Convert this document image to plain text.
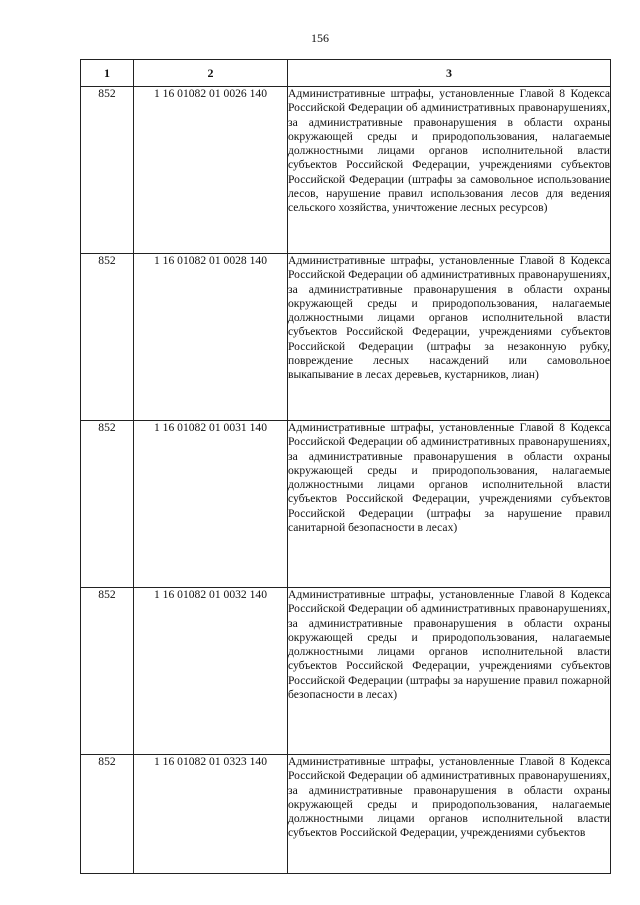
156
1	2	3
852	1 16 01082 01 0026 140	Административные штрафы, установленные Главой 8 Кодекса Российской Федерации об административных правонарушениях, за административные правонарушения в области охраны окружающей среды и природопользования, налагаемые должностными лицами органов исполнительной власти субъектов Российской Федерации, учреждениями субъектов Российской Федерации (штрафы за самовольное использование лесов, нарушение правил использования лесов для ведения сельского хозяйства, уничтожение лесных ресурсов)
852	1 16 01082 01 0028 140	Административные штрафы, установленные Главой 8 Кодекса Российской Федерации об административных правонарушениях, за административные правонарушения в области охраны окружающей среды и природопользования, налагаемые должностными лицами органов исполнительной власти субъектов Российской Федерации, учреждениями субъектов Российской Федерации (штрафы за незаконную рубку, повреждение лесных насаждений или самовольное выкапывание в лесах деревьев, кустарников, лиан)
852	1 16 01082 01 0031 140	Административные штрафы, установленные Главой 8 Кодекса Российской Федерации об административных правонарушениях, за административные правонарушения в области охраны окружающей среды и природопользования, налагаемые должностными лицами органов исполнительной власти субъектов Российской Федерации, учреждениями субъектов Российской Федерации (штрафы за нарушение правил санитарной безопасности в лесах)
852	1 16 01082 01 0032 140	Административные штрафы, установленные Главой 8 Кодекса Российской Федерации об административных правонарушениях, за административные правонарушения в области охраны окружающей среды и природопользования, налагаемые должностными лицами органов исполнительной власти субъектов Российской Федерации, учреждениями субъектов Российской Федерации (штрафы за нарушение правил пожарной безопасности в лесах)
852	1 16 01082 01 0323 140	Административные штрафы, установленные Главой 8 Кодекса Российской Федерации об административных правонарушениях, за административные правонарушения в области охраны окружающей среды и природопользования, налагаемые должностными лицами органов исполнительной власти субъектов Российской Федерации, учреждениями субъектов
